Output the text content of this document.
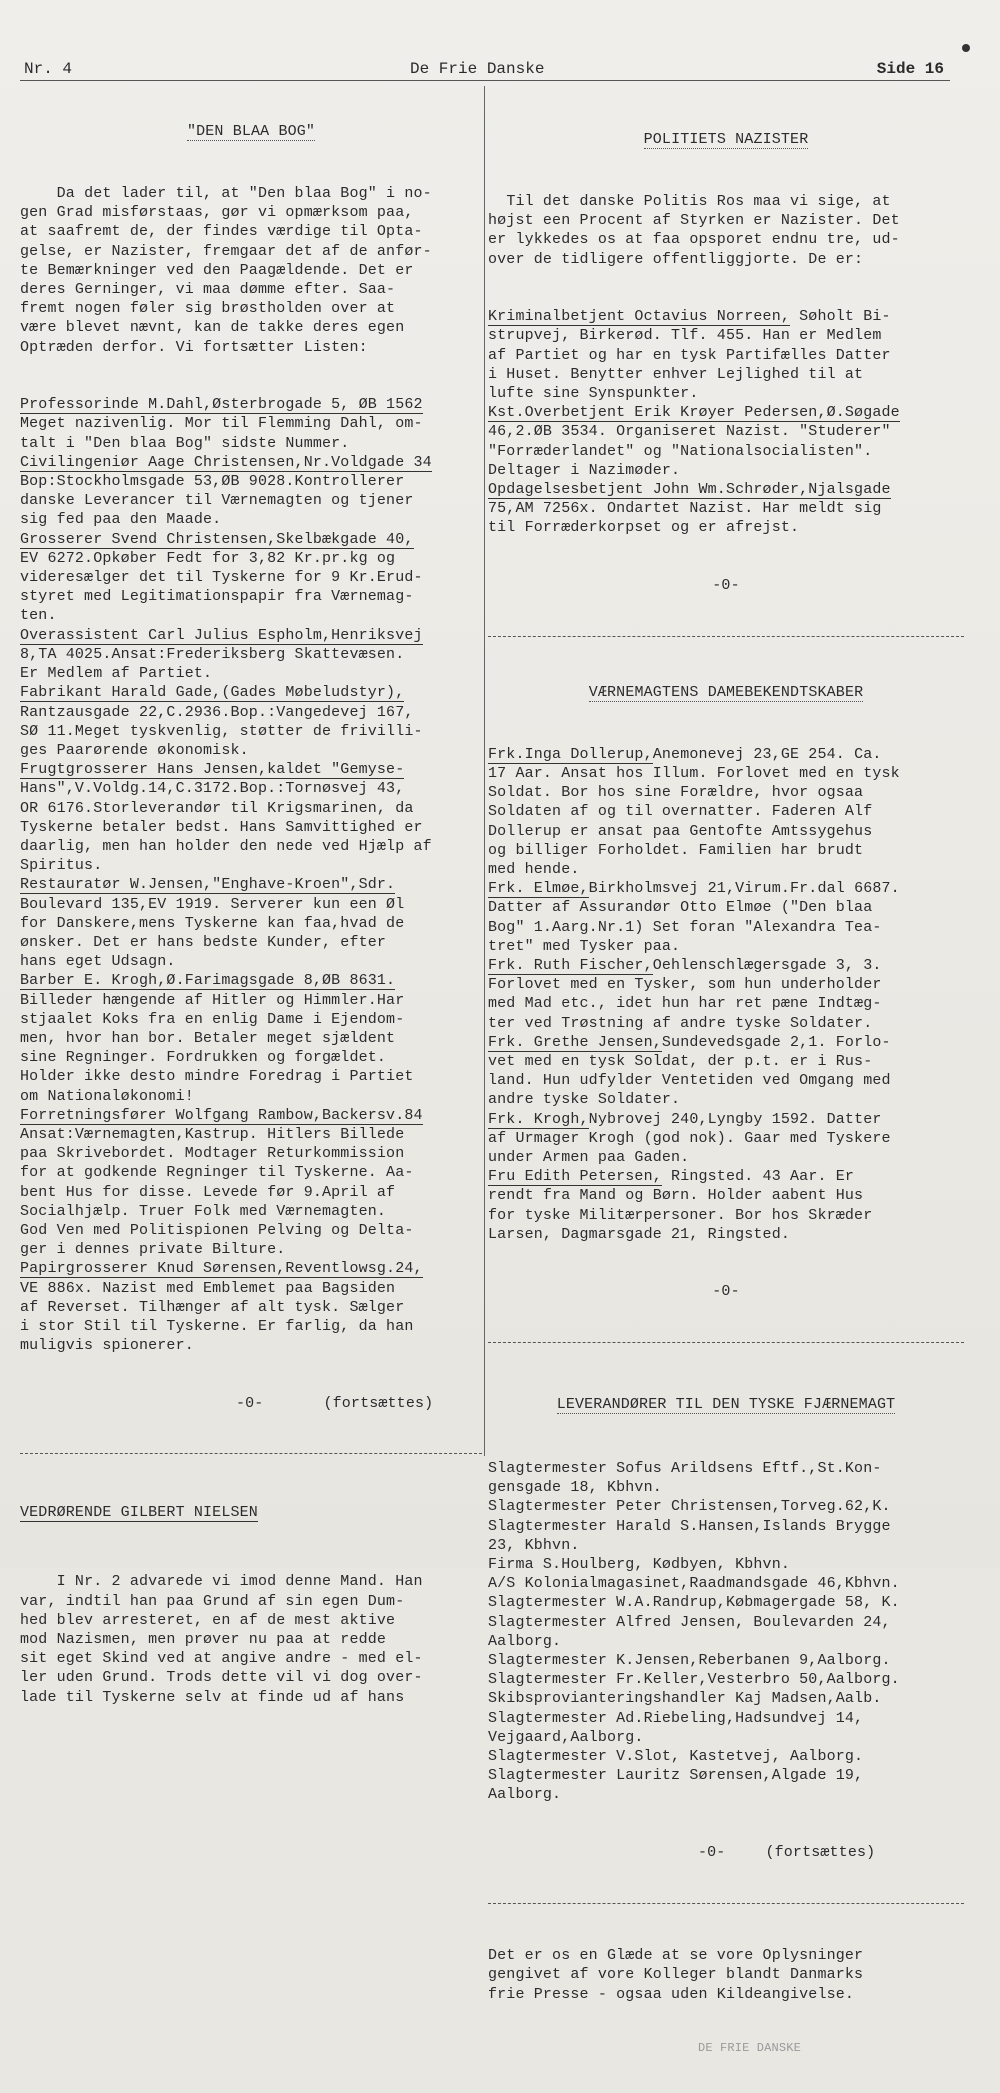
Nr. 4	De Frie Danske	Side 16

"DEN BLAA BOG"

Da det lader til, at "Den blaa Bog" i no-
gen Grad misførstaas, gør vi opmærksom paa,
at saafremt de, der findes værdige til Opta-
gelse, er Nazister, fremgaar det af de anfør-
te Bemærkninger ved den Paagældende. Det er
deres Gerninger, vi maa dømme efter. Saa-
fremt nogen føler sig brøstholden over at
være blevet nævnt, kan de takke deres egen
Optræden derfor. Vi fortsætter Listen:

Professorinde M.Dahl,Østerbrogade 5, ØB 1562
Meget nazivenlig. Mor til Flemming Dahl, om-
talt i "Den blaa Bog" sidste Nummer.

Civilingeniør Aage Christensen,Nr.Voldgade 34
Bop:Stockholmsgade 53,ØB 9028.Kontrollerer
danske Leverancer til Værnemagten og tjener
sig fed paa den Maade.

Grosserer Svend Christensen,Skelbækgade 40,
EV 6272.Opkøber Fedt for 3,82 Kr.pr.kg og
videresælger det til Tyskerne for 9 Kr.Erud-
styret med Legitimationspapir fra Værnemag-
ten.

Overassistent Carl Julius Espholm,Henriksvej
8,TA 4025.Ansat:Frederiksberg Skattevæsen.
Er Medlem af Partiet.

Fabrikant Harald Gade,(Gades Møbeludstyr),
Rantzausgade 22,C.2936.Bop.:Vangedevej 167,
SØ 11.Meget tyskvenlig, støtter de frivilli-
ges Paarørende økonomisk.

Frugtgrosserer Hans Jensen,kaldet "Gemyse-
Hans",V.Voldg.14,C.3172.Bop.:Tornøsvej 43,
OR 6176.Storleverandør til Krigsmarinen, da
Tyskerne betaler bedst. Hans Samvittighed er
daarlig, men han holder den nede ved Hjælp af
Spiritus.

Restauratør W.Jensen,"Enghave-Kroen",Sdr.
Boulevard 135,EV 1919. Serverer kun een Øl
for Danskere,mens Tyskerne kan faa,hvad de
ønsker. Det er hans bedste Kunder, efter
hans eget Udsagn.

Barber E. Krogh,Ø.Farimagsgade 8,ØB 8631.
Billeder hængende af Hitler og Himmler.Har
stjaalet Koks fra en enlig Dame i Ejendom-
men, hvor han bor. Betaler meget sjældent
sine Regninger. Fordrukken og forgældet.
Holder ikke desto mindre Foredrag i Partiet
om Nationaløkonomi!

Forretningsfører Wolfgang Rambow,Backersv.84
Ansat:Værnemagten,Kastrup. Hitlers Billede
paa Skrivebordet. Modtager Returkommission
for at godkende Regninger til Tyskerne. Aa-
bent Hus for disse. Levede før 9.April af
Socialhjælp. Truer Folk med Værnemagten.
God Ven med Politispionen Pelving og Delta-
ger i dennes private Bilture.

Papirgrosserer Knud Sørensen,Reventlowsg.24,
VE 886x. Nazist med Emblemet paa Bagsiden
af Reverset. Tilhænger af alt tysk. Sælger
i stor Stil til Tyskerne. Er farlig, da han
muligvis spionerer.

-0-	(fortsættes)

VEDRØRENDE GILBERT NIELSEN

I Nr. 2 advarede vi imod denne Mand. Han
var, indtil han paa Grund af sin egen Dum-
hed blev arresteret, en af de mest aktive
mod Nazismen, men prøver nu paa at redde
sit eget Skind ved at angive andre - med el-
ler uden Grund. Trods dette vil vi dog over-
lade til Tyskerne selv at finde ud af hans

POLITIETS NAZISTER

Til det danske Politis Ros maa vi sige, at
højst een Procent af Styrken er Nazister. Det
er lykkedes os at faa opsporet endnu tre, ud-
over de tidligere offentliggjorte. De er:

Kriminalbetjent Octavius Norreen, Søholt Bi-
strupvej, Birkerød. Tlf. 455. Han er Medlem
af Partiet og har en tysk Partifælles Datter
i Huset. Benytter enhver Lejlighed til at
lufte sine Synspunkter.

Kst.Overbetjent Erik Krøyer Pedersen,Ø.Søgade
46,2.ØB 3534. Organiseret Nazist. "Studerer"
"Forræderlandet" og "Nationalsocialisten".
Deltager i Nazimøder.

Opdagelsesbetjent John Wm.Schrøder,Njalsgade
75,AM 7256x. Ondartet Nazist. Har meldt sig
til Forræderkorpset og er afrejst.

-0-

VÆRNEMAGTENS DAMEBEKENDTSKABER

Frk.Inga Dollerup,Anemonevej 23,GE 254. Ca.
17 Aar. Ansat hos Illum. Forlovet med en tysk
Soldat. Bor hos sine Forældre, hvor ogsaa
Soldaten af og til overnatter. Faderen Alf
Dollerup er ansat paa Gentofte Amtssygehus
og billiger Forholdet. Familien har brudt
med hende.

Frk. Elmøe,Birkholmsvej 21,Virum.Fr.dal 6687.
Datter af Assurandør Otto Elmøe ("Den blaa
Bog" 1.Aarg.Nr.1) Set foran "Alexandra Tea-
tret" med Tysker paa.

Frk. Ruth Fischer,Oehlenschlægersgade 3, 3.
Forlovet med en Tysker, som hun underholder
med Mad etc., idet hun har ret pæne Indtæg-
ter ved Trøstning af andre tyske Soldater.

Frk. Grethe Jensen,Sundevedsgade 2,1. Forlo-
vet med en tysk Soldat, der p.t. er i Rus-
land. Hun udfylder Ventetiden ved Omgang med
andre tyske Soldater.

Frk. Krogh,Nybrovej 240,Lyngby 1592. Datter
af Urmager Krogh (god nok). Gaar med Tyskere
under Armen paa Gaden.

Fru Edith Petersen, Ringsted. 43 Aar. Er
rendt fra Mand og Børn. Holder aabent Hus
for tyske Militærpersoner. Bor hos Skræder
Larsen, Dagmarsgade 21, Ringsted.

-0-

LEVERANDØRER TIL DEN TYSKE FJÆRNEMAGT

Slagtermester Sofus Arildsens Eftf.,St.Kon-
gensgade 18, Kbhvn.
Slagtermester Peter Christensen,Torveg.62,K.
Slagtermester Harald S.Hansen,Islands Brygge
23, Kbhvn.
Firma S.Houlberg, Kødbyen, Kbhvn.
A/S Kolonialmagasinet,Raadmandsgade 46,Kbhvn.
Slagtermester W.A.Randrup,Købmagergade 58, K.
Slagtermester Alfred Jensen, Boulevarden 24,
Aalborg.
Slagtermester K.Jensen,Reberbanen 9,Aalborg.
Slagtermester Fr.Keller,Vesterbro 50,Aalborg.
Skibsprovianteringshandler Kaj Madsen,Aalb.
Slagtermester Ad.Riebeling,Hadsundvej 14,
Vejgaard,Aalborg.
Slagtermester V.Slot, Kastetvej, Aalborg.
Slagtermester Lauritz Sørensen,Algade 19,
Aalborg.

-0-	(fortsættes)

Det er os en Glæde at se vore Oplysninger
gengivet af vore Kolleger blandt Danmarks
frie Presse - ogsaa uden Kildeangivelse.

DE FRIE DANSKE
